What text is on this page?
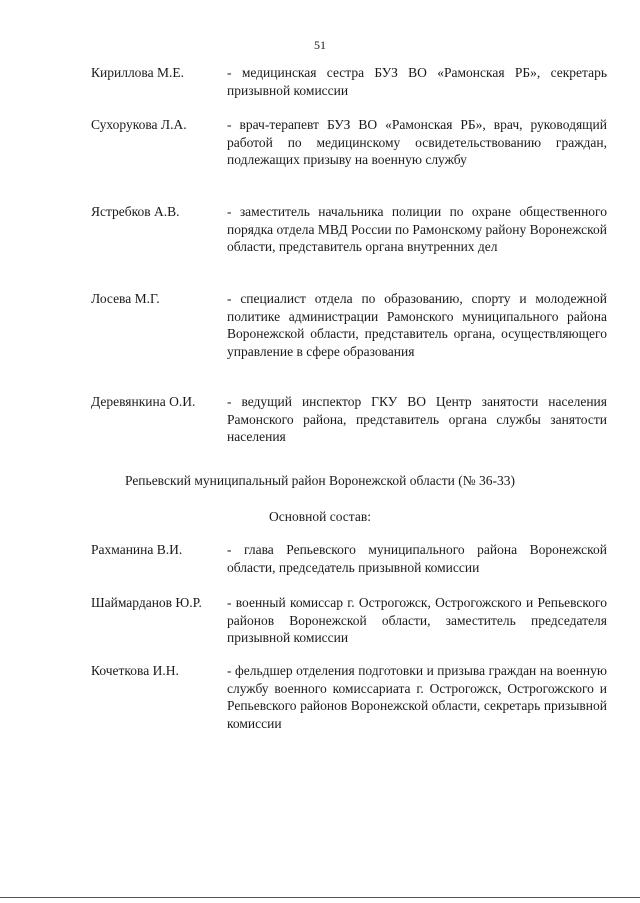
51
Кириллова М.Е.	- медицинская сестра БУЗ ВО «Рамонская РБ», секретарь призывной комиссии
Сухорукова Л.А.	- врач-терапевт БУЗ ВО «Рамонская РБ», врач, руководящий работой по медицинскому освидетельствованию граждан, подлежащих призыву на военную службу
Ястребков А.В.	- заместитель начальника полиции по охране общественного порядка отдела МВД России по Рамонскому району Воронежской области, представитель органа внутренних дел
Лосева М.Г.	- специалист отдела по образованию, спорту и молодежной политике администрации Рамонского муниципального района Воронежской области, представитель органа, осуществляющего управление в сфере образования
Деревянкина О.И.	- ведущий инспектор ГКУ ВО Центр занятости населения Рамонского района, представитель органа службы занятости населения
Репьевский муниципальный район Воронежской области (№ 36-33)
Основной состав:
Рахманина В.И.	- глава Репьевского муниципального района Воронежской области, председатель призывной комиссии
Шаймарданов Ю.Р.	- военный комиссар г. Острогожск, Острогожского и Репьевского районов Воронежской области, заместитель председателя призывной комиссии
Кочеткова И.Н.	- фельдшер отделения подготовки и призыва граждан на военную службу военного комиссариата г. Острогожск, Острогожского и Репьевского районов Воронежской области, секретарь призывной комиссии
